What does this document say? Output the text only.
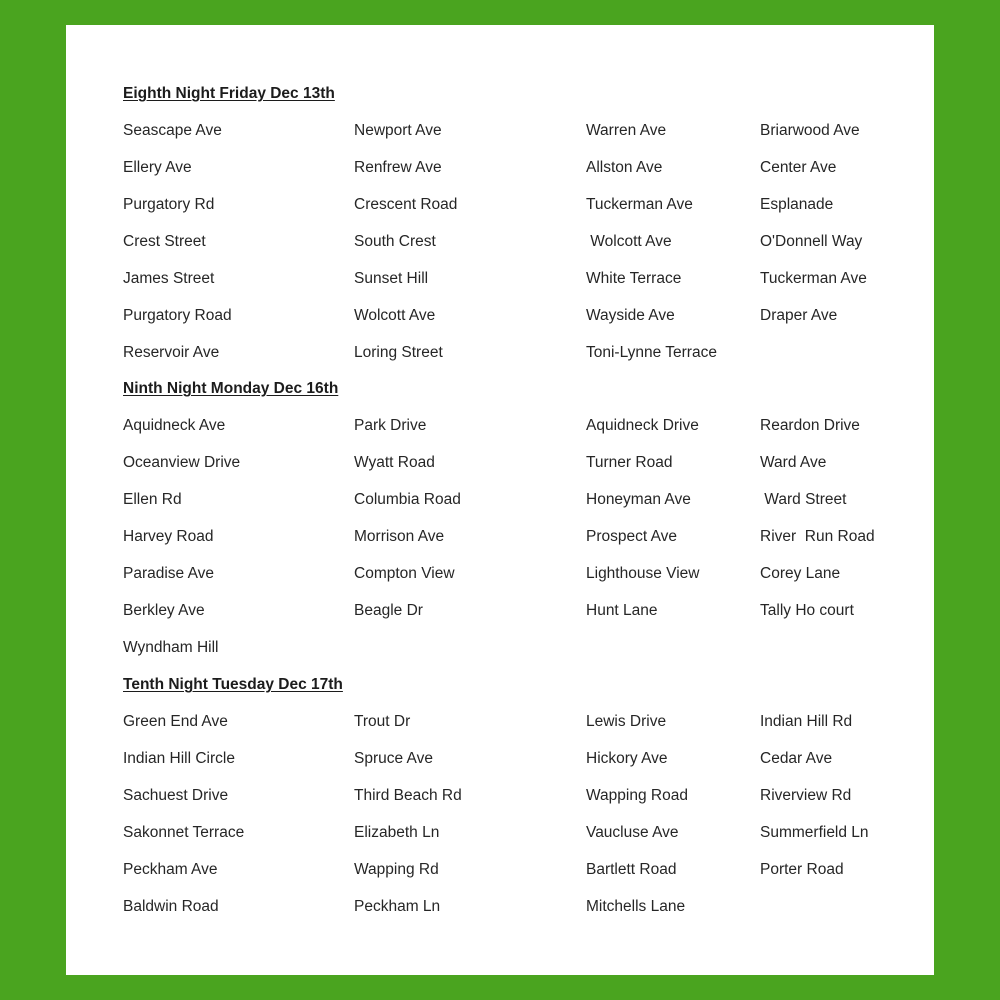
Eighth Night Friday Dec 13th
Seascape Ave	Newport Ave	Warren Ave	Briarwood Ave
Ellery Ave	Renfrew Ave	Allston Ave	Center Ave
Purgatory Rd	Crescent Road	Tuckerman Ave	Esplanade
Crest Street	South Crest	Wolcott Ave	O'Donnell Way
James Street	Sunset Hill	White Terrace	Tuckerman Ave
Purgatory Road	Wolcott Ave	Wayside Ave	Draper Ave
Reservoir Ave	Loring Street	Toni-Lynne Terrace
Ninth Night Monday Dec 16th
Aquidneck Ave	Park Drive	Aquidneck Drive	Reardon Drive
Oceanview Drive	Wyatt Road	Turner Road	Ward Ave
Ellen Rd	Columbia Road	Honeyman Ave	Ward Street
Harvey Road	Morrison Ave	Prospect Ave	River  Run Road
Paradise Ave	Compton View	Lighthouse View	Corey Lane
Berkley Ave	Beagle Dr	Hunt Lane	Tally Ho court
Wyndham Hill
Tenth Night Tuesday Dec 17th
Green End Ave	Trout Dr	Lewis Drive	Indian Hill Rd
Indian Hill Circle	Spruce Ave	Hickory Ave	Cedar Ave
Sachuest Drive	Third Beach Rd	Wapping Road	Riverview Rd
Sakonnet Terrace	Elizabeth Ln	Vaucluse Ave	Summerfield Ln
Peckham Ave	Wapping Rd	Bartlett Road	Porter Road
Baldwin Road	Peckham Ln	Mitchells Lane
